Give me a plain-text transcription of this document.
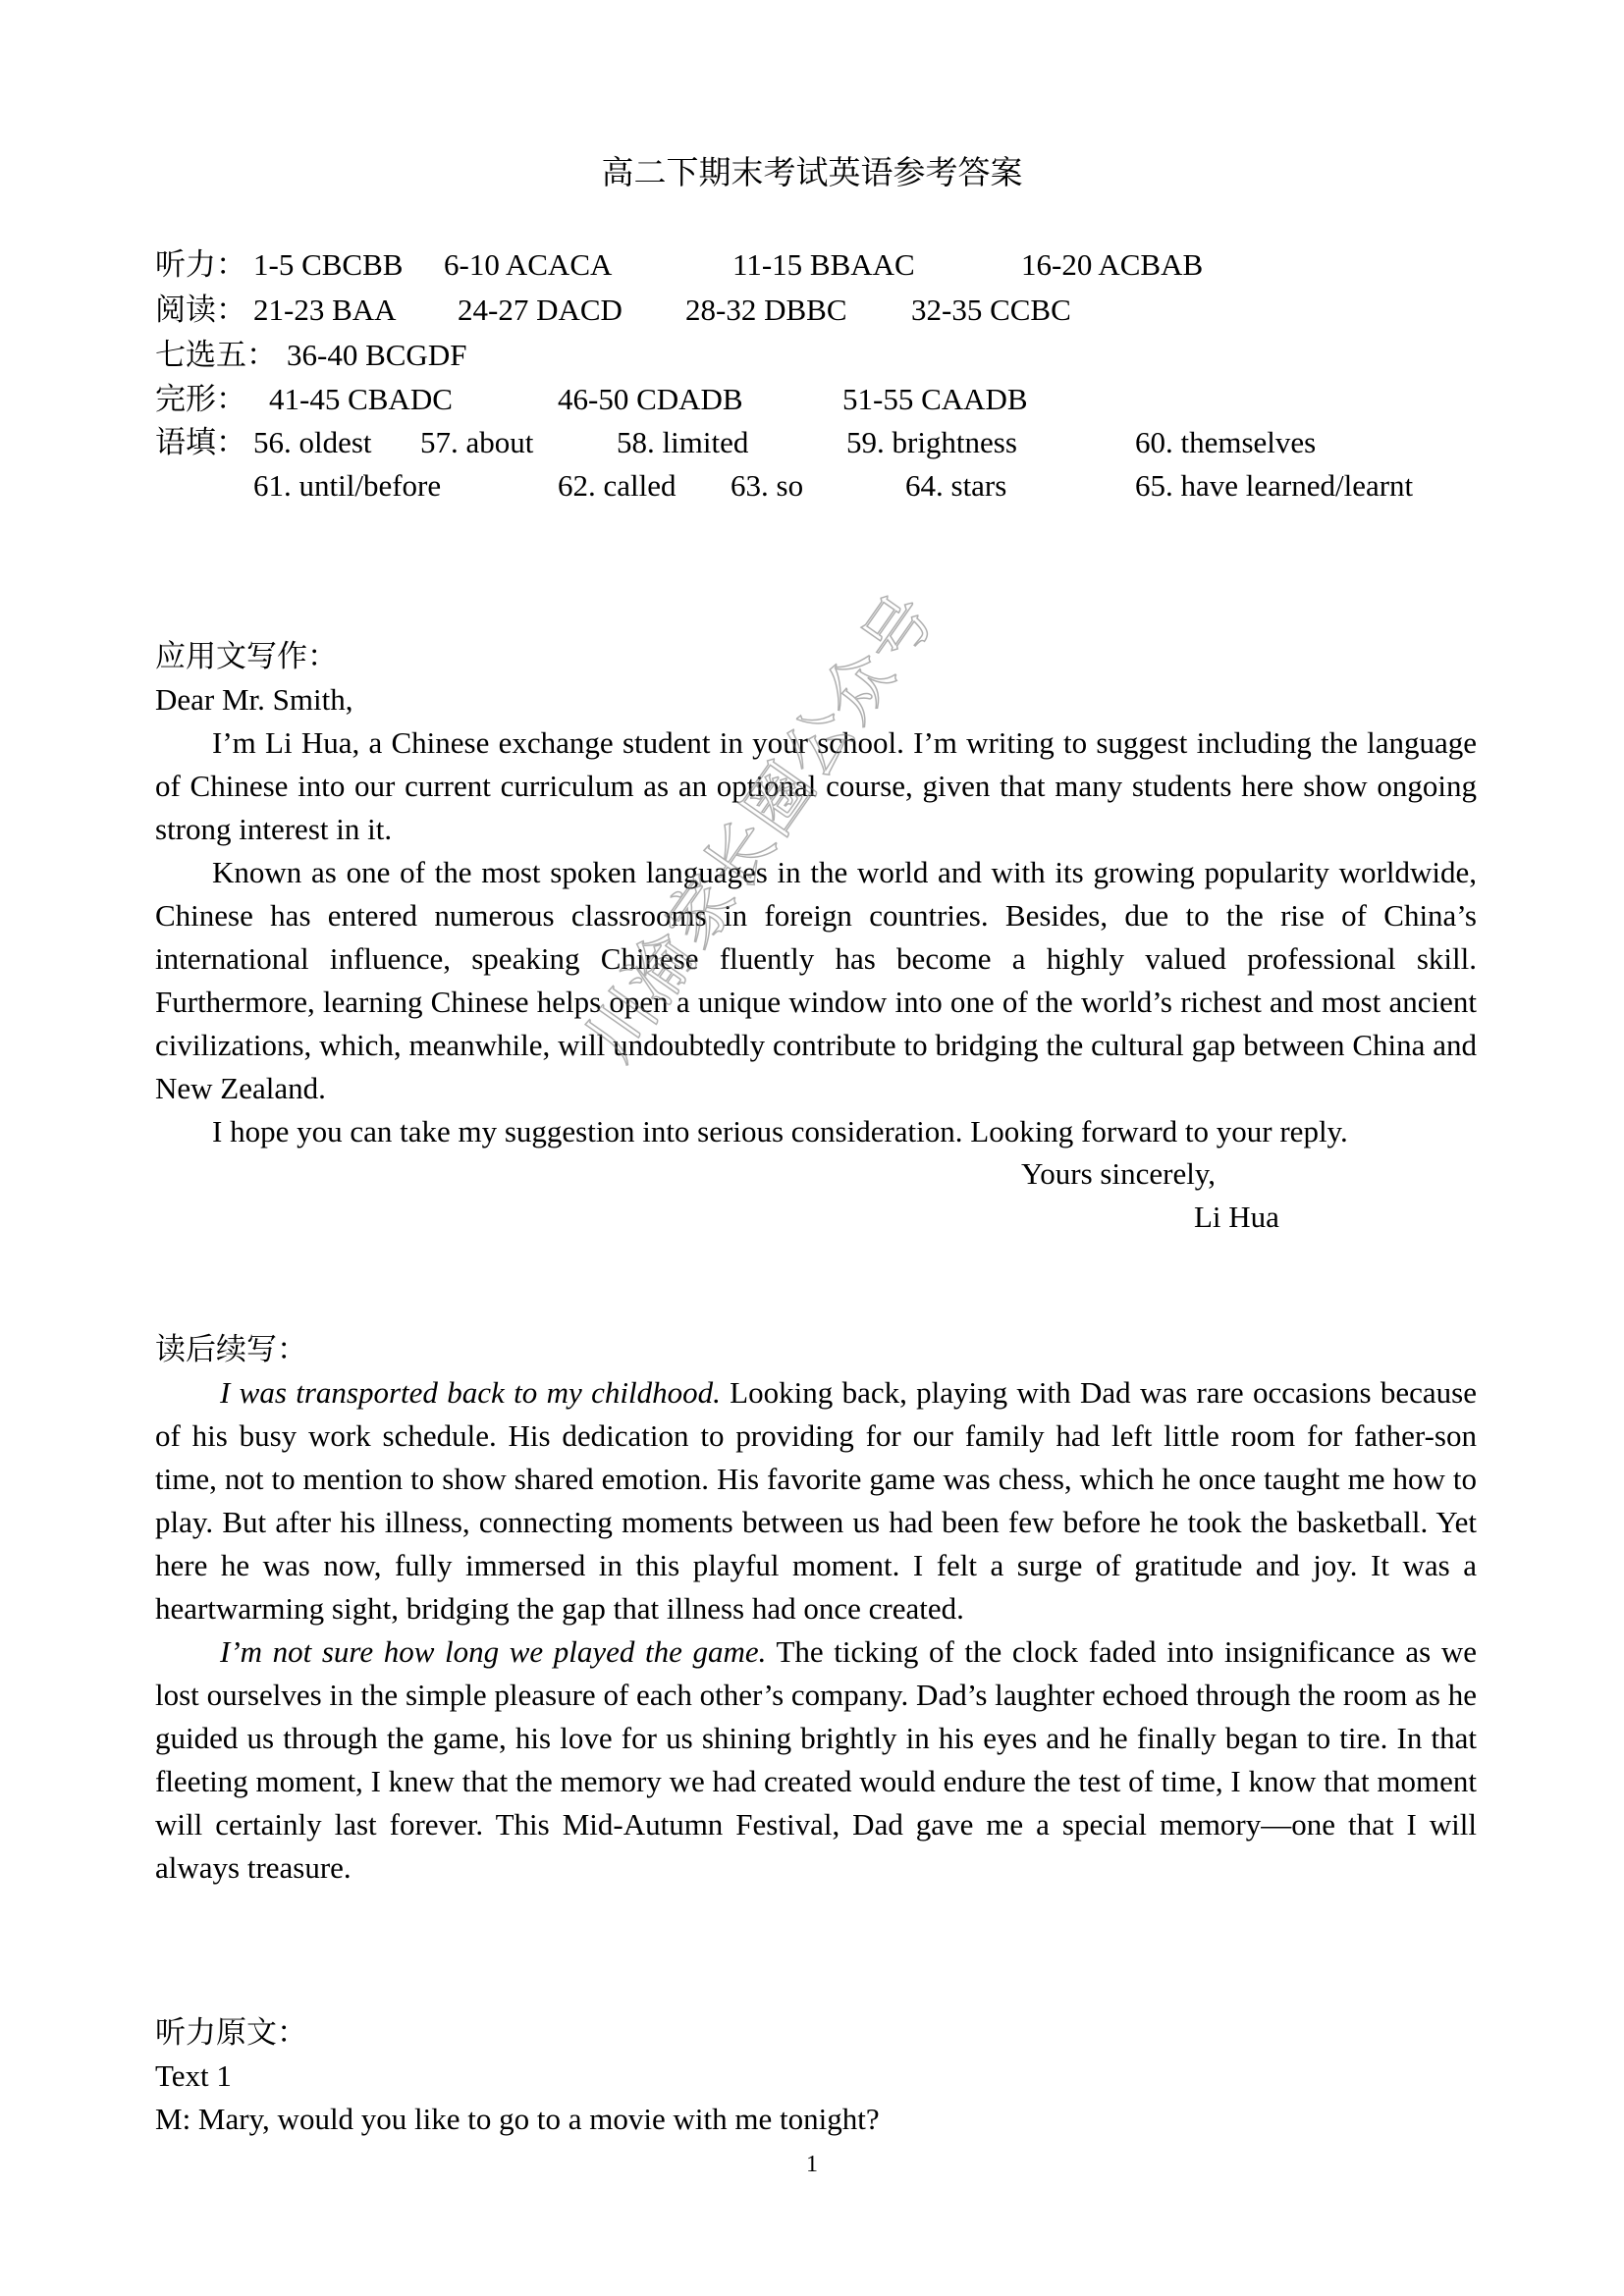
高二下期末考试英语参考答案
听力： 1-5 CBCBB 6-10 ACACA	11-15 BBAAC	16-20 ACBAB
阅读： 21-23 BAA 24-27 DACD 28-32 DBBC 32-35 CCBC
七选五： 36-40 BCGDF
完形： 41-45 CBADC	46-50 CDADB	51-55 CAADB
语填： 56. oldest 57. about	58. limited	59. brightness	60. themselves
61. until/before	62. called 63. so	64. stars	65. have learned/learnt
应用文写作：
Dear Mr. Smith,

I’m Li Hua, a Chinese exchange student in your school. I’m writing to suggest including the language of Chinese into our current curriculum as an optional course, given that many students here show ongoing strong interest in it.

Known as one of the most spoken languages in the world and with its growing popularity worldwide, Chinese has entered numerous classrooms in foreign countries. Besides, due to the rise of China’s international influence, speaking Chinese fluently has become a highly valued professional skill. Furthermore, learning Chinese helps open a unique window into one of the world’s richest and most ancient civilizations, which, meanwhile, will undoubtedly contribute to bridging the cultural gap between China and New Zealand.

I hope you can take my suggestion into serious consideration. Looking forward to your reply.

Yours sincerely,
Li Hua
读后续写：

I was transported back to my childhood. Looking back, playing with Dad was rare occasions because of his busy work schedule. His dedication to providing for our family had left little room for father-son time, not to mention to show shared emotion. His favorite game was chess, which he once taught me how to play. But after his illness, connecting moments between us had been few before he took the basketball. Yet here he was now, fully immersed in this playful moment. I felt a surge of gratitude and joy. It was a heartwarming sight, bridging the gap that illness had once created.

I’m not sure how long we played the game. The ticking of the clock faded into insignificance as we lost ourselves in the simple pleasure of each other’s company. Dad’s laughter echoed through the room as he guided us through the game, his love for us shining brightly in his eyes and he finally began to tire. In that fleeting moment, I knew that the memory we had created would endure the test of time, I know that moment will certainly last forever. This Mid-Autumn Festival, Dad gave me a special memory—one that I will always treasure.

听力原文：
Text 1
M: Mary, would you like to go to a movie with me tonight?
1
川渝家长圈公众号
